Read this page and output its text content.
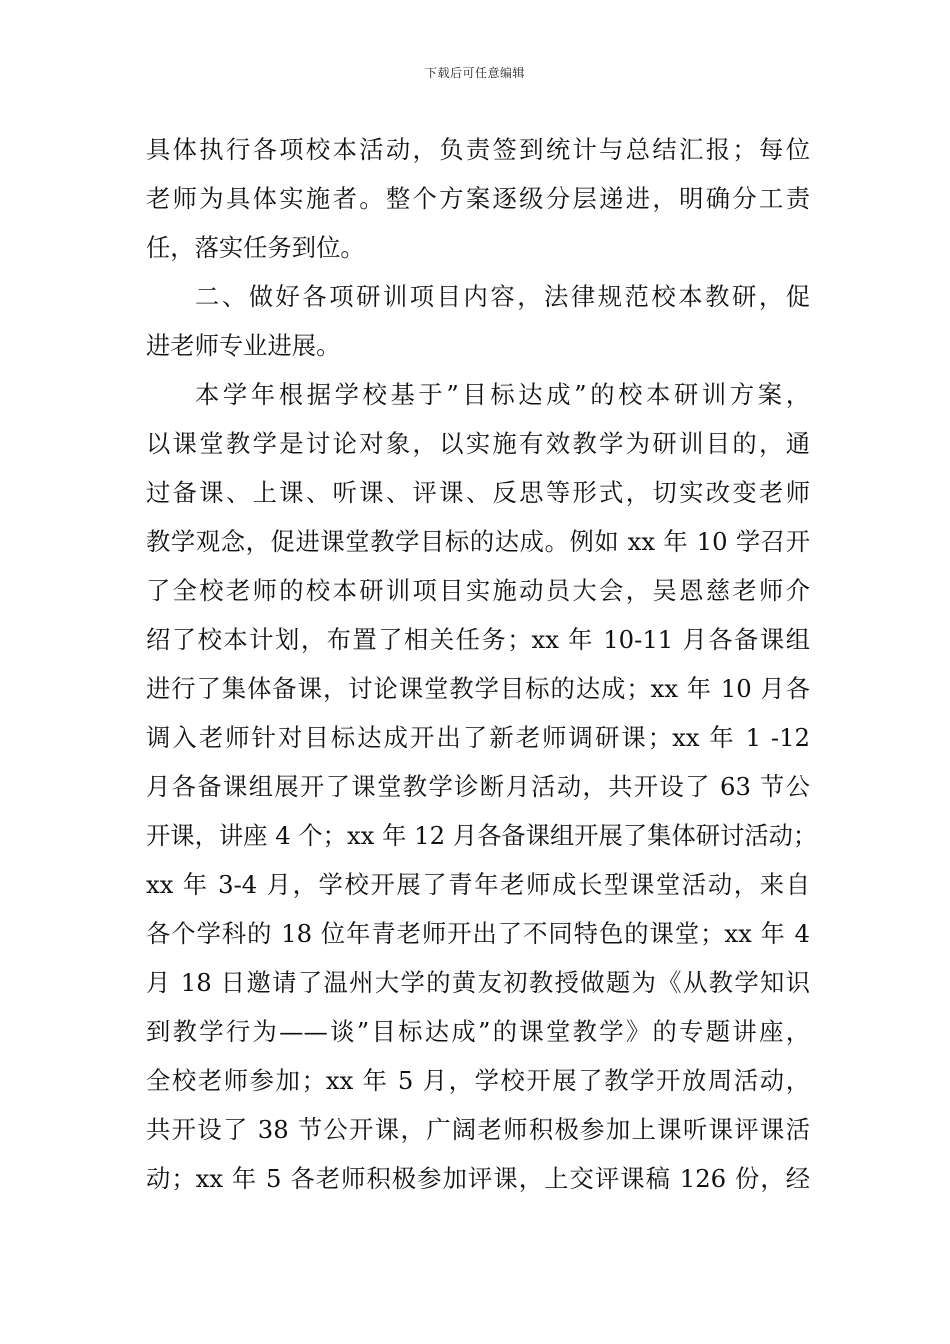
下载后可任意编辑
具体执行各项校本活动，负责签到统计与总结汇报；每位
老师为具体实施者。整个方案逐级分层递进，明确分工责
任，落实任务到位。
二、做好各项研训项目内容，法律规范校本教研，促
进老师专业进展。
本学年根据学校基于”目标达成”的校本研训方案，
以课堂教学是讨论对象，以实施有效教学为研训目的，通
过备课、上课、听课、评课、反思等形式，切实改变老师
教学观念，促进课堂教学目标的达成。例如 xx 年 10 学召开
了全校老师的校本研训项目实施动员大会，吴恩慈老师介
绍了校本计划，布置了相关任务；xx 年 10-11 月各备课组
进行了集体备课，讨论课堂教学目标的达成；xx 年 10 月各
调入老师针对目标达成开出了新老师调研课；xx 年 1 -12
月各备课组展开了课堂教学诊断月活动，共开设了 63 节公
开课，讲座 4 个；xx 年 12 月各备课组开展了集体研讨活动；
xx 年 3-4 月，学校开展了青年老师成长型课堂活动，来自
各个学科的 18 位年青老师开出了不同特色的课堂；xx 年 4
月 18 日邀请了温州大学的黄友初教授做题为《从教学知识
到教学行为——谈”目标达成”的课堂教学》的专题讲座，
全校老师参加；xx 年 5 月，学校开展了教学开放周活动，
共开设了 38 节公开课，广阔老师积极参加上课听课评课活
动；xx 年 5 各老师积极参加评课，上交评课稿 126 份，经
